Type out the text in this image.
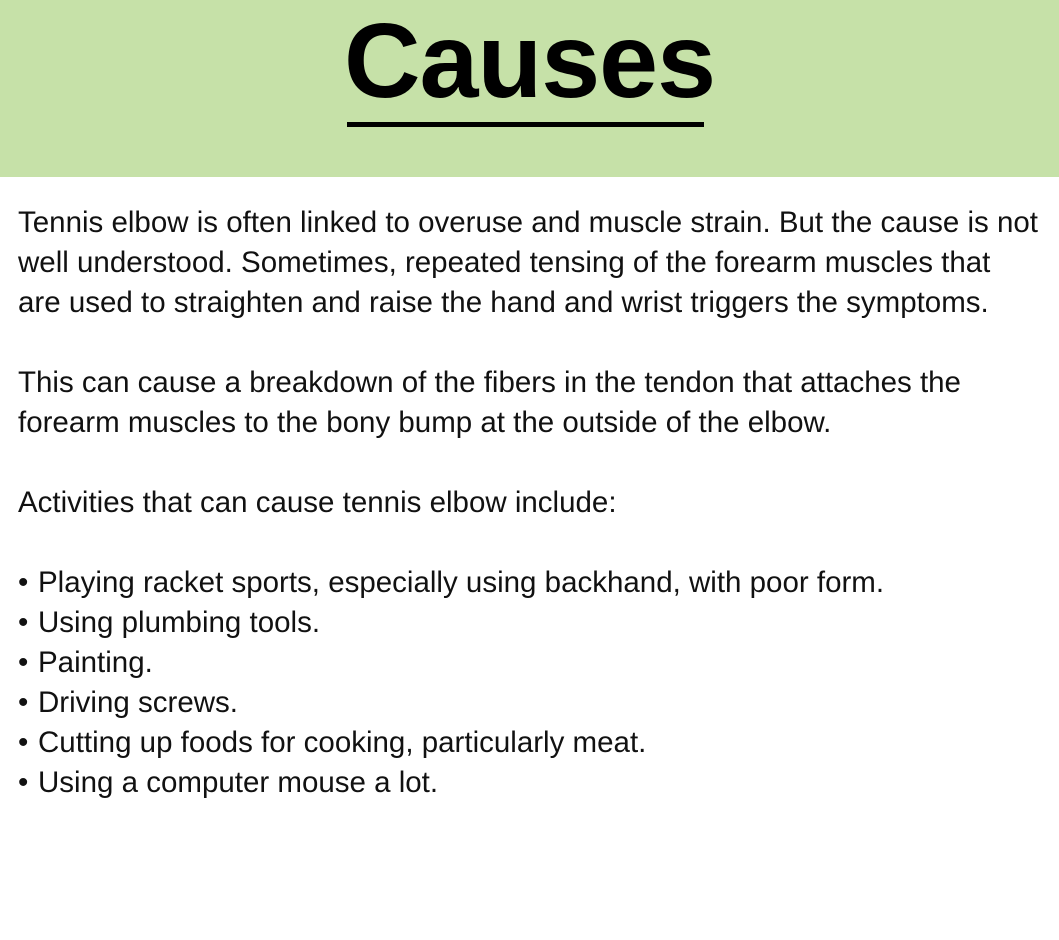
Causes

Tennis elbow is often linked to overuse and muscle strain. But the cause is not well understood. Sometimes, repeated tensing of the forearm muscles that are used to straighten and raise the hand and wrist triggers the symptoms.

This can cause a breakdown of the fibers in the tendon that attaches the forearm muscles to the bony bump at the outside of the elbow.

Activities that can cause tennis elbow include:

• Playing racket sports, especially using backhand, with poor form.
• Using plumbing tools.
• Painting.
• Driving screws.
• Cutting up foods for cooking, particularly meat.
• Using a computer mouse a lot.
